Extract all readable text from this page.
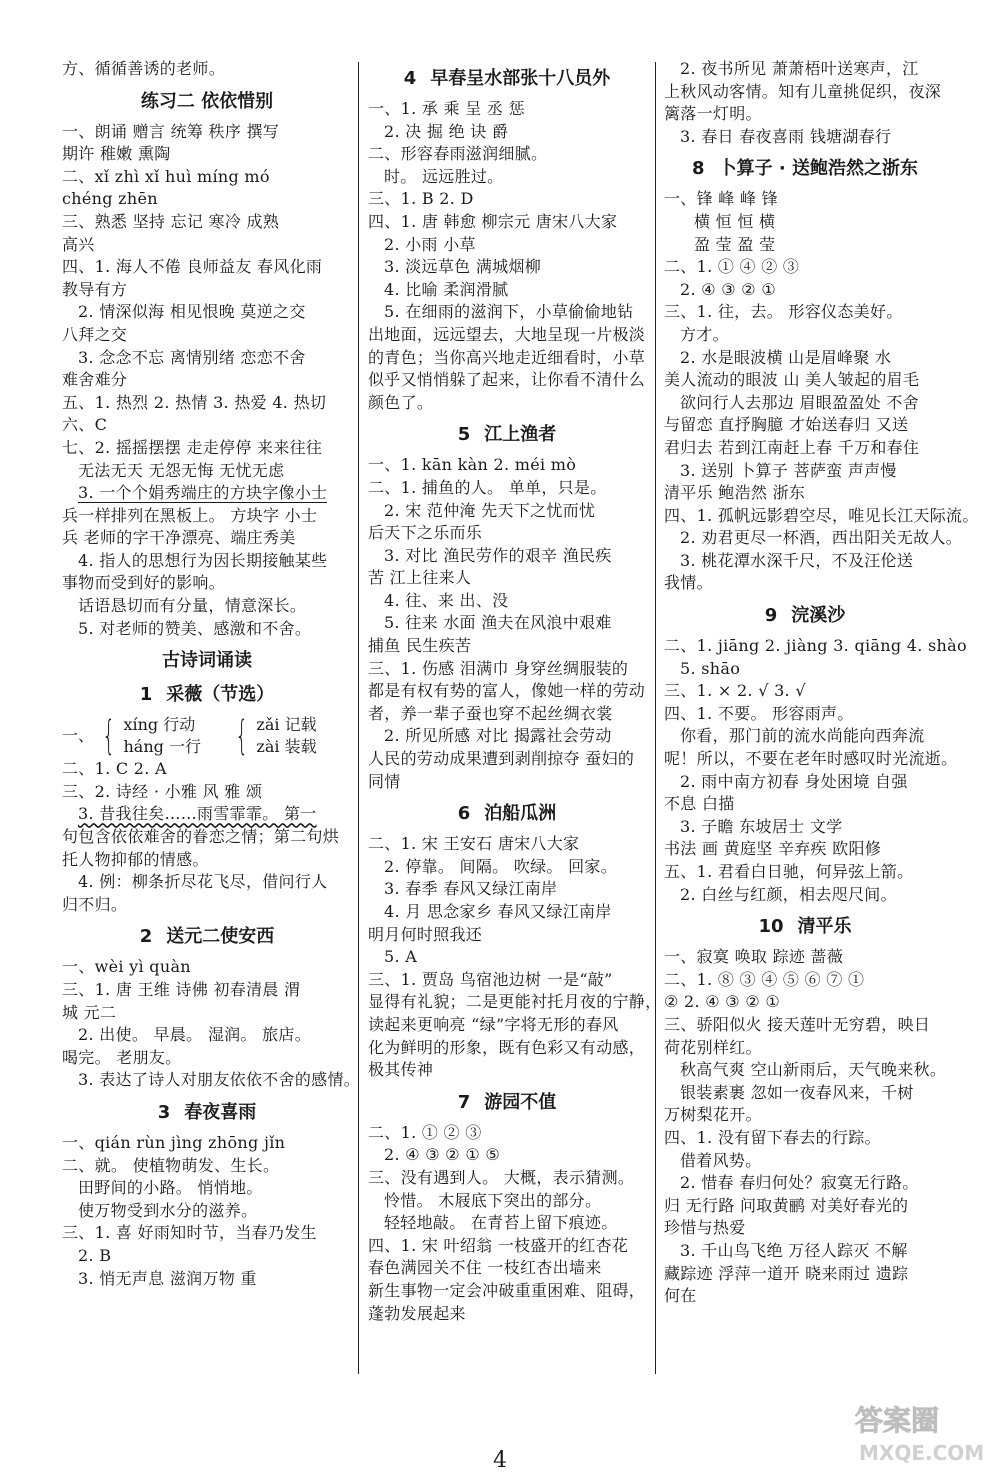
方、循循善诱的老师。
练习二 依依惜别
一、朗诵 赠言 统筹 秩序 撰写
期许 稚嫩 熏陶
二、xǐ zhì xǐ huì míng mó
chéng zhēn
三、熟悉 坚持 忘记 寒冷 成熟
高兴
四、1. 海人不倦 良师益友 春风化雨
教导有方
2. 情深似海 相见恨晚 莫逆之交
八拜之交
3. 念念不忘 离情别绪 恋恋不舍
难舍难分
五、1. 热烈 2. 热情 3. 热爱 4. 热切
六、C
七、2. 摇摇摆摆 走走停停 来来往往
无法无天 无怨无悔 无忧无虑
3. 一个个娟秀端庄的方块字像小士
兵一样排列在黑板上。 方块字 小士
兵 老师的字干净漂亮、端庄秀美
4. 指人的思想行为因长期接触某些
事物而受到好的影响。
话语恳切而有分量，情意深长。
5. 对老师的赞美、感激和不舍。
古诗词诵读
1 采薇（节选）
一、 { xíng 行动
háng 一行 { zǎi 记载
zài 装载
二、1. C 2. A
三、2. 诗经 · 小雅 风 雅 颂
3. 昔我往矣……雨雪霏霏。 第一
句包含依依难舍的眷恋之情；第二句烘
托人物抑郁的情感。
4. 例：柳条折尽花飞尽，借问行人
归不归。
2 送元二使安西
一、wèi yì quàn
三、1. 唐 王维 诗佛 初春清晨 渭
城 元二
2. 出使。 早晨。 湿润。 旅店。
喝完。 老朋友。
3. 表达了诗人对朋友依依不舍的感情。
3 春夜喜雨
一、qián rùn jìng zhōng jǐn
二、就。 使植物萌发、生长。
田野间的小路。 悄悄地。
使万物受到水分的滋养。
三、1. 喜 好雨知时节，当春乃发生
2. B
3. 悄无声息 滋润万物 重
4 早春呈水部张十八员外
一、1. 承 乘 呈 丞 惩
2. 决 掘 绝 诀 爵
二、形容春雨滋润细腻。
时。 远远胜过。
三、1. B 2. D
四、1. 唐 韩愈 柳宗元 唐宋八大家
2. 小雨 小草
3. 淡远草色 满城烟柳
4. 比喻 柔润滑腻
5. 在细雨的滋润下，小草偷偷地钻
出地面，远远望去，大地呈现一片极淡
的青色；当你高兴地走近细看时，小草
似乎又悄悄躲了起来，让你看不清什么
颜色了。
5 江上渔者
一、1. kān kàn 2. méi mò
二、1. 捕鱼的人。 单单，只是。
2. 宋 范仲淹 先天下之忧而忧
后天下之乐而乐
3. 对比 渔民劳作的艰辛 渔民疾
苦 江上往来人
4. 往、来 出、没
5. 往来 水面 渔夫在风浪中艰难
捕鱼 民生疾苦
三、1. 伤感 泪满巾 身穿丝绸服装的
都是有权有势的富人，像她一样的劳动
者，养一辈子蚕也穿不起丝绸衣裳
2. 所见所感 对比 揭露社会劳动
人民的劳动成果遭到剥削掠夺 蚕妇的
同情
6 泊船瓜洲
二、1. 宋 王安石 唐宋八大家
2. 停靠。 间隔。 吹绿。 回家。
3. 春季 春风又绿江南岸
4. 月 思念家乡 春风又绿江南岸
明月何时照我还
5. A
三、1. 贾岛 鸟宿池边树 一是“敲”
显得有礼貌；二是更能衬托月夜的宁静，
读起来更响亮 “绿”字将无形的春风
化为鲜明的形象，既有色彩又有动感，
极其传神
7 游园不值
二、1. ① ② ③
2. ④ ③ ② ① ⑤
三、没有遇到人。 大概，表示猜测。
怜惜。 木屐底下突出的部分。
轻轻地敲。 在青苔上留下痕迹。
四、1. 宋 叶绍翁 一枝盛开的红杏花
春色满园关不住 一枝红杏出墙来
新生事物一定会冲破重重困难、阻碍，
蓬勃发展起来
2. 夜书所见 萧萧梧叶送寒声，江
上秋风动客情。知有儿童挑促织，夜深
篱落一灯明。
3. 春日 春夜喜雨 钱塘湖春行
8 卜算子 · 送鲍浩然之浙东
一、锋 峰 峰 锋
横 恒 恒 横
盈 莹 盈 莹
二、1. ① ④ ② ③
2. ④ ③ ② ①
三、1. 往，去。 形容仪态美好。
方才。
2. 水是眼波横 山是眉峰聚 水
美人流动的眼波 山 美人皱起的眉毛
欲问行人去那边 眉眼盈盈处 不舍
与留恋 直抒胸臆 才始送春归 又送
君归去 若到江南赶上春 千万和春住
3. 送别 卜算子 菩萨蛮 声声慢
清平乐 鲍浩然 浙东
四、1. 孤帆远影碧空尽，唯见长江天际流。
2. 劝君更尽一杯酒，西出阳关无故人。
3. 桃花潭水深千尺，不及汪伦送
我情。
9 浣溪沙
二、1. jiāng 2. jiàng 3. qiāng 4. shào
5. shāo
三、1. × 2. √ 3. √
四、1. 不要。 形容雨声。
你看，那门前的流水尚能向西奔流
呢！所以，不要在老年时感叹时光流逝。
2. 雨中南方初春 身处困境 自强
不息 白描
3. 子瞻 东坡居士 文学
书法 画 黄庭坚 辛弃疾 欧阳修
五、1. 君看白日驰，何异弦上箭。
2. 白丝与红颜，相去咫尺间。
10 清平乐
一、寂寞 唤取 踪迹 蔷薇
二、1. ⑧ ③ ④ ⑤ ⑥ ⑦ ①
② 2. ④ ③ ② ①
三、骄阳似火 接天莲叶无穷碧，映日
荷花别样红。
秋高气爽 空山新雨后，天气晚来秋。
银装素裹 忽如一夜春风来，千树
万树梨花开。
四、1. 没有留下春去的行踪。
借着风势。
2. 惜春 春归何处？寂寞无行路。
归 无行路 问取黄鹂 对美好春光的
珍惜与热爱
3. 千山鸟飞绝 万径人踪灭 不解
藏踪迹 浮萍一道开 晓来雨过 遗踪
何在
4
答案圈
MXQE.COM
